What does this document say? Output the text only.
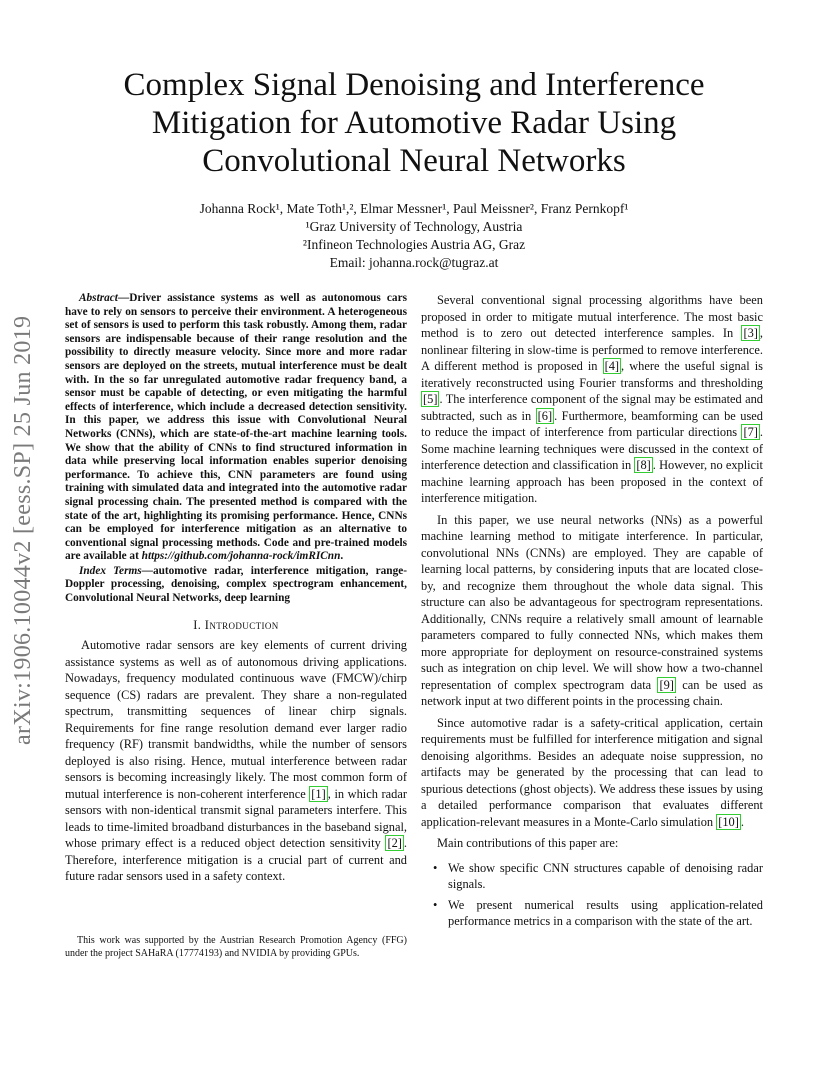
arXiv:1906.10044v2 [eess.SP] 25 Jun 2019
Complex Signal Denoising and Interference Mitigation for Automotive Radar Using Convolutional Neural Networks
Johanna Rock¹, Mate Toth¹,², Elmar Messner¹, Paul Meissner², Franz Pernkopf¹
¹Graz University of Technology, Austria
²Infineon Technologies Austria AG, Graz
Email: johanna.rock@tugraz.at

Abstract—Driver assistance systems as well as autonomous cars have to rely on sensors to perceive their environment. A heterogeneous set of sensors is used to perform this task robustly. Among them, radar sensors are indispensable because of their range resolution and the possibility to directly measure velocity. Since more and more radar sensors are deployed on the streets, mutual interference must be dealt with. In the so far unregulated automotive radar frequency band, a sensor must be capable of detecting, or even mitigating the harmful effects of interference, which include a decreased detection sensitivity. In this paper, we address this issue with Convolutional Neural Networks (CNNs), which are state-of-the-art machine learning tools. We show that the ability of CNNs to find structured information in data while preserving local information enables superior denoising performance. To achieve this, CNN parameters are found using training with simulated data and integrated into the automotive radar signal processing chain. The presented method is compared with the state of the art, highlighting its promising performance. Hence, CNNs can be employed for interference mitigation as an alternative to conventional signal processing methods. Code and pre-trained models are available at https://github.com/johanna-rock/imRICnn.

Index Terms—automotive radar, interference mitigation, range-Doppler processing, denoising, complex spectrogram enhancement, Convolutional Neural Networks, deep learning

I. Introduction

Automotive radar sensors are key elements of current driving assistance systems as well as of autonomous driving applications. Nowadays, frequency modulated continuous wave (FMCW)/chirp sequence (CS) radars are prevalent. They share a non-regulated spectrum, transmitting sequences of linear chirp signals. Requirements for fine range resolution demand ever larger radio frequency (RF) transmit bandwidths, while the number of sensors deployed is also rising. Hence, mutual interference between radar sensors is becoming increasingly likely. The most common form of mutual interference is non-coherent interference [1] , in which radar sensors with non-identical transmit signal parameters interfere. This leads to time-limited broadband disturbances in the baseband signal, whose primary effect is a reduced object detection sensitivity [2] . Therefore, interference mitigation is a crucial part of current and future radar sensors used in a safety context.

This work was supported by the Austrian Research Promotion Agency (FFG) under the project SAHaRA (17774193) and NVIDIA by providing GPUs.

Several conventional signal processing algorithms have been proposed in order to mitigate mutual interference. The most basic method is to zero out detected interference samples. In [3] , nonlinear filtering in slow-time is performed to remove interference. A different method is proposed in [4] , where the useful signal is iteratively reconstructed using Fourier transforms and thresholding [5] . The interference component of the signal may be estimated and subtracted, such as in [6] . Furthermore, beamforming can be used to reduce the impact of interference from particular directions [7] . Some machine learning techniques were discussed in the context of interference detection and classification in [8] . However, no explicit machine learning approach has been proposed in the context of interference mitigation.

In this paper, we use neural networks (NNs) as a powerful machine learning method to mitigate interference. In particular, convolutional NNs (CNNs) are employed. They are capable of learning local patterns, by considering inputs that are located close-by, and recognize them throughout the whole data signal. This structure can also be advantageous for spectrogram representations. Additionally, CNNs require a relatively small amount of learnable parameters compared to fully connected NNs, which makes them more appropriate for deployment on resource-constrained systems such as integration on chip level. We will show how a two-channel representation of complex spectrogram data [9] can be used as network input at two different points in the processing chain.

Since automotive radar is a safety-critical application, certain requirements must be fulfilled for interference mitigation and signal denoising algorithms. Besides an adequate noise suppression, no artifacts may be generated by the processing that can lead to spurious detections (ghost objects). We address these issues by using a detailed performance comparison that evaluates different application-relevant measures in a Monte-Carlo simulation [10] .

Main contributions of this paper are:

• We show specific CNN structures capable of denoising radar signals.
• We present numerical results using application-related performance metrics in a comparison with the state of the art.
